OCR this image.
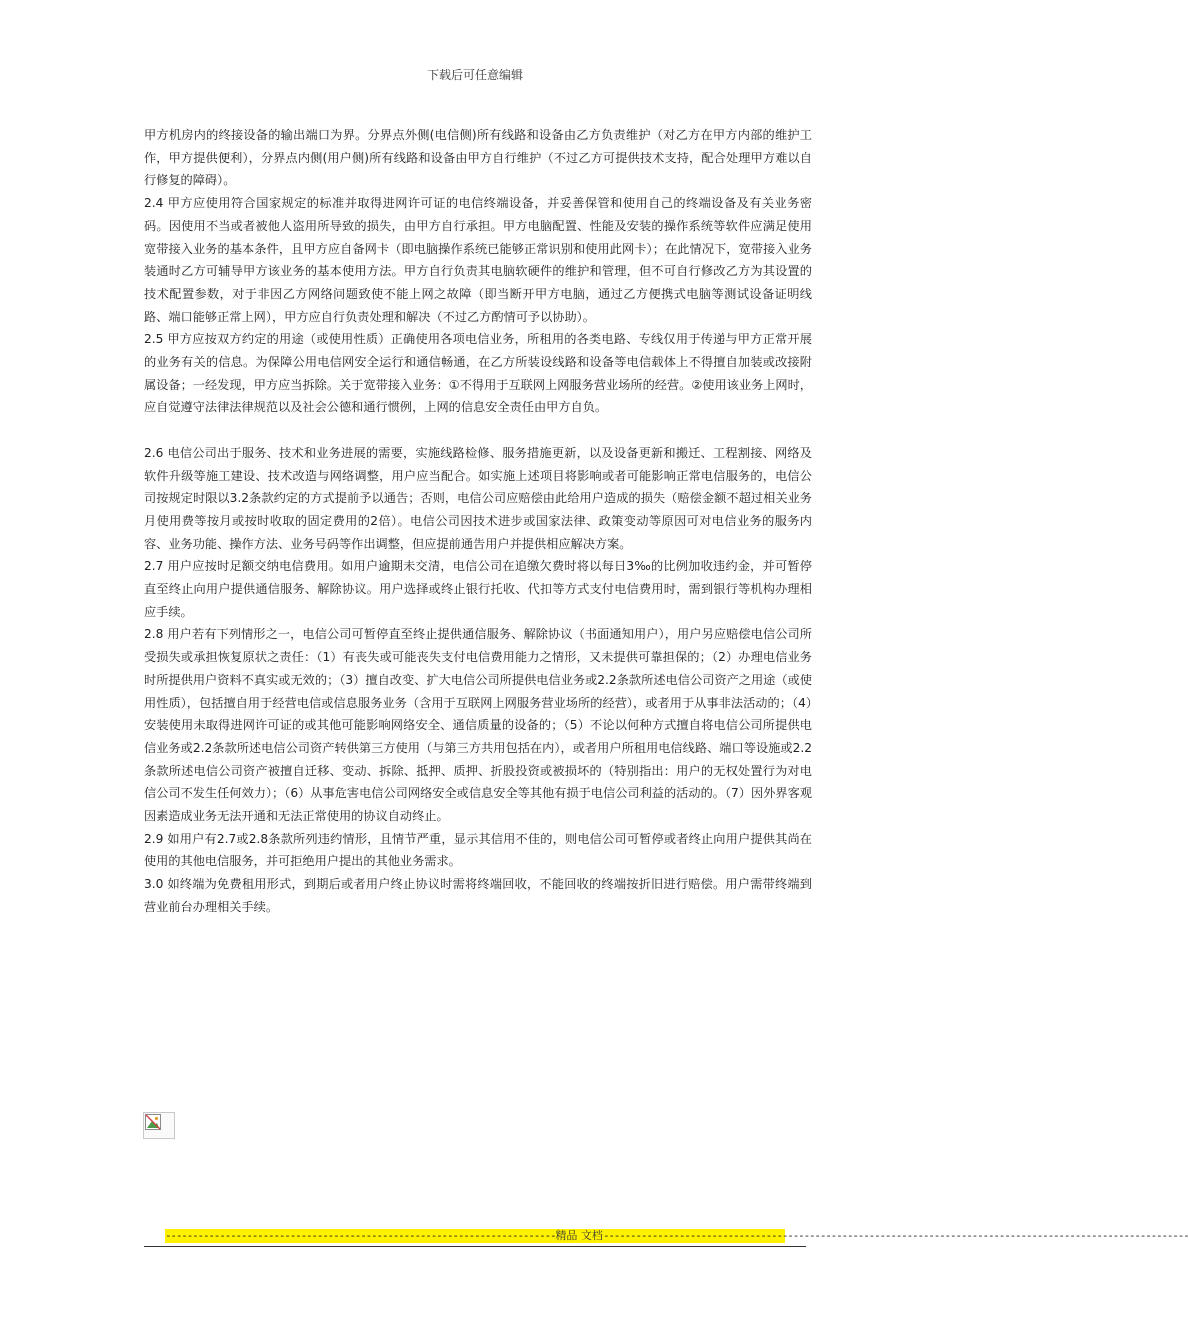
下载后可任意编辑

甲方机房内的终接设备的输出端口为界。分界点外侧(电信侧)所有线路和设备由乙方负责维护（对乙方在甲方内部的维护工作，甲方提供便利），分界点内侧(用户侧)所有线路和设备由甲方自行维护（不过乙方可提供技术支持，配合处理甲方难以自行修复的障碍）。

2.4 甲方应使用符合国家规定的标准并取得进网许可证的电信终端设备，并妥善保管和使用自己的终端设备及有关业务密码。因使用不当或者被他人盗用所导致的损失，由甲方自行承担。甲方电脑配置、性能及安装的操作系统等软件应满足使用宽带接入业务的基本条件，且甲方应自备网卡（即电脑操作系统已能够正常识别和使用此网卡）；在此情况下，宽带接入业务装通时乙方可辅导甲方该业务的基本使用方法。甲方自行负责其电脑软硬件的维护和管理，但不可自行修改乙方为其设置的技术配置参数，对于非因乙方网络问题致使不能上网之故障（即当断开甲方电脑，通过乙方便携式电脑等测试设备证明线路、端口能够正常上网），甲方应自行负责处理和解决（不过乙方酌情可予以协助）。

2.5 甲方应按双方约定的用途（或使用性质）正确使用各项电信业务，所租用的各类电路、专线仅用于传递与甲方正常开展的业务有关的信息。为保障公用电信网安全运行和通信畅通，在乙方所装设线路和设备等电信载体上不得擅自加装或改接附属设备；一经发现，甲方应当拆除。关于宽带接入业务：①不得用于互联网上网服务营业场所的经营。②使用该业务上网时，应自觉遵守法律法律规范以及社会公德和通行惯例，上网的信息安全责任由甲方自负。

2.6 电信公司出于服务、技术和业务进展的需要，实施线路检修、服务措施更新，以及设备更新和搬迁、工程割接、网络及软件升级等施工建设、技术改造与网络调整，用户应当配合。如实施上述项目将影响或者可能影响正常电信服务的，电信公司按规定时限以3.2条款约定的方式提前予以通告；否则，电信公司应赔偿由此给用户造成的损失（赔偿金额不超过相关业务月使用费等按月或按时收取的固定费用的2倍）。电信公司因技术进步或国家法律、政策变动等原因可对电信业务的服务内容、业务功能、操作方法、业务号码等作出调整，但应提前通告用户并提供相应解决方案。

2.7 用户应按时足额交纳电信费用。如用户逾期未交清，电信公司在追缴欠费时将以每日3‰的比例加收违约金，并可暂停直至终止向用户提供通信服务、解除协议。用户选择或终止银行托收、代扣等方式支付电信费用时，需到银行等机构办理相应手续。

2.8 用户若有下列情形之一，电信公司可暂停直至终止提供通信服务、解除协议（书面通知用户），用户另应赔偿电信公司所受损失或承担恢复原状之责任：（1）有丧失或可能丧失支付电信费用能力之情形，又未提供可靠担保的；（2）办理电信业务时所提供用户资料不真实或无效的；（3）擅自改变、扩大电信公司所提供电信业务或2.2条款所述电信公司资产之用途（或使用性质），包括擅自用于经营电信或信息服务业务（含用于互联网上网服务营业场所的经营），或者用于从事非法活动的；（4）安装使用未取得进网许可证的或其他可能影响网络安全、通信质量的设备的；（5）不论以何种方式擅自将电信公司所提供电信业务或2.2条款所述电信公司资产转供第三方使用（与第三方共用包括在内），或者用户所租用电信线路、端口等设施或2.2条款所述电信公司资产被擅自迁移、变动、拆除、抵押、质押、折股投资或被损坏的（特别指出：用户的无权处置行为对电信公司不发生任何效力）；（6）从事危害电信公司网络安全或信息安全等其他有损于电信公司利益的活动的。（7）因外界客观因素造成业务无法开通和无法正常使用的协议自动终止。

2.9 如用户有2.7或2.8条款所列违约情形，且情节严重，显示其信用不佳的，则电信公司可暂停或者终止向用户提供其尚在使用的其他电信服务，并可拒绝用户提出的其他业务需求。

3.0 如终端为免费租用形式，到期后或者用户终止协议时需将终端回收，不能回收的终端按折旧进行赔偿。用户需带终端到营业前台办理相关手续。

------------------------------------------------------------------------精品 文档------------------------------------------------------------------------------------------------------------
